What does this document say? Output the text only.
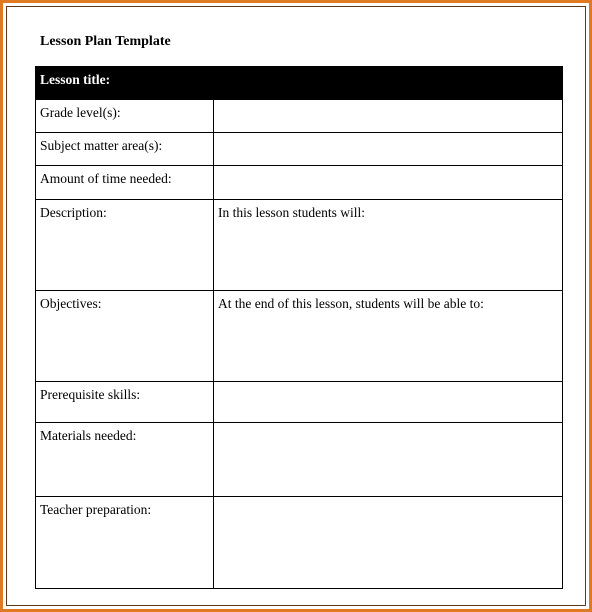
Lesson Plan Template
Lesson title:	
Grade level(s):	
Subject matter area(s):	
Amount of time needed:	
Description:	In this lesson students will:
Objectives:	At the end of this lesson, students will be able to:
Prerequisite skills:	
Materials needed:	
Teacher preparation:	
